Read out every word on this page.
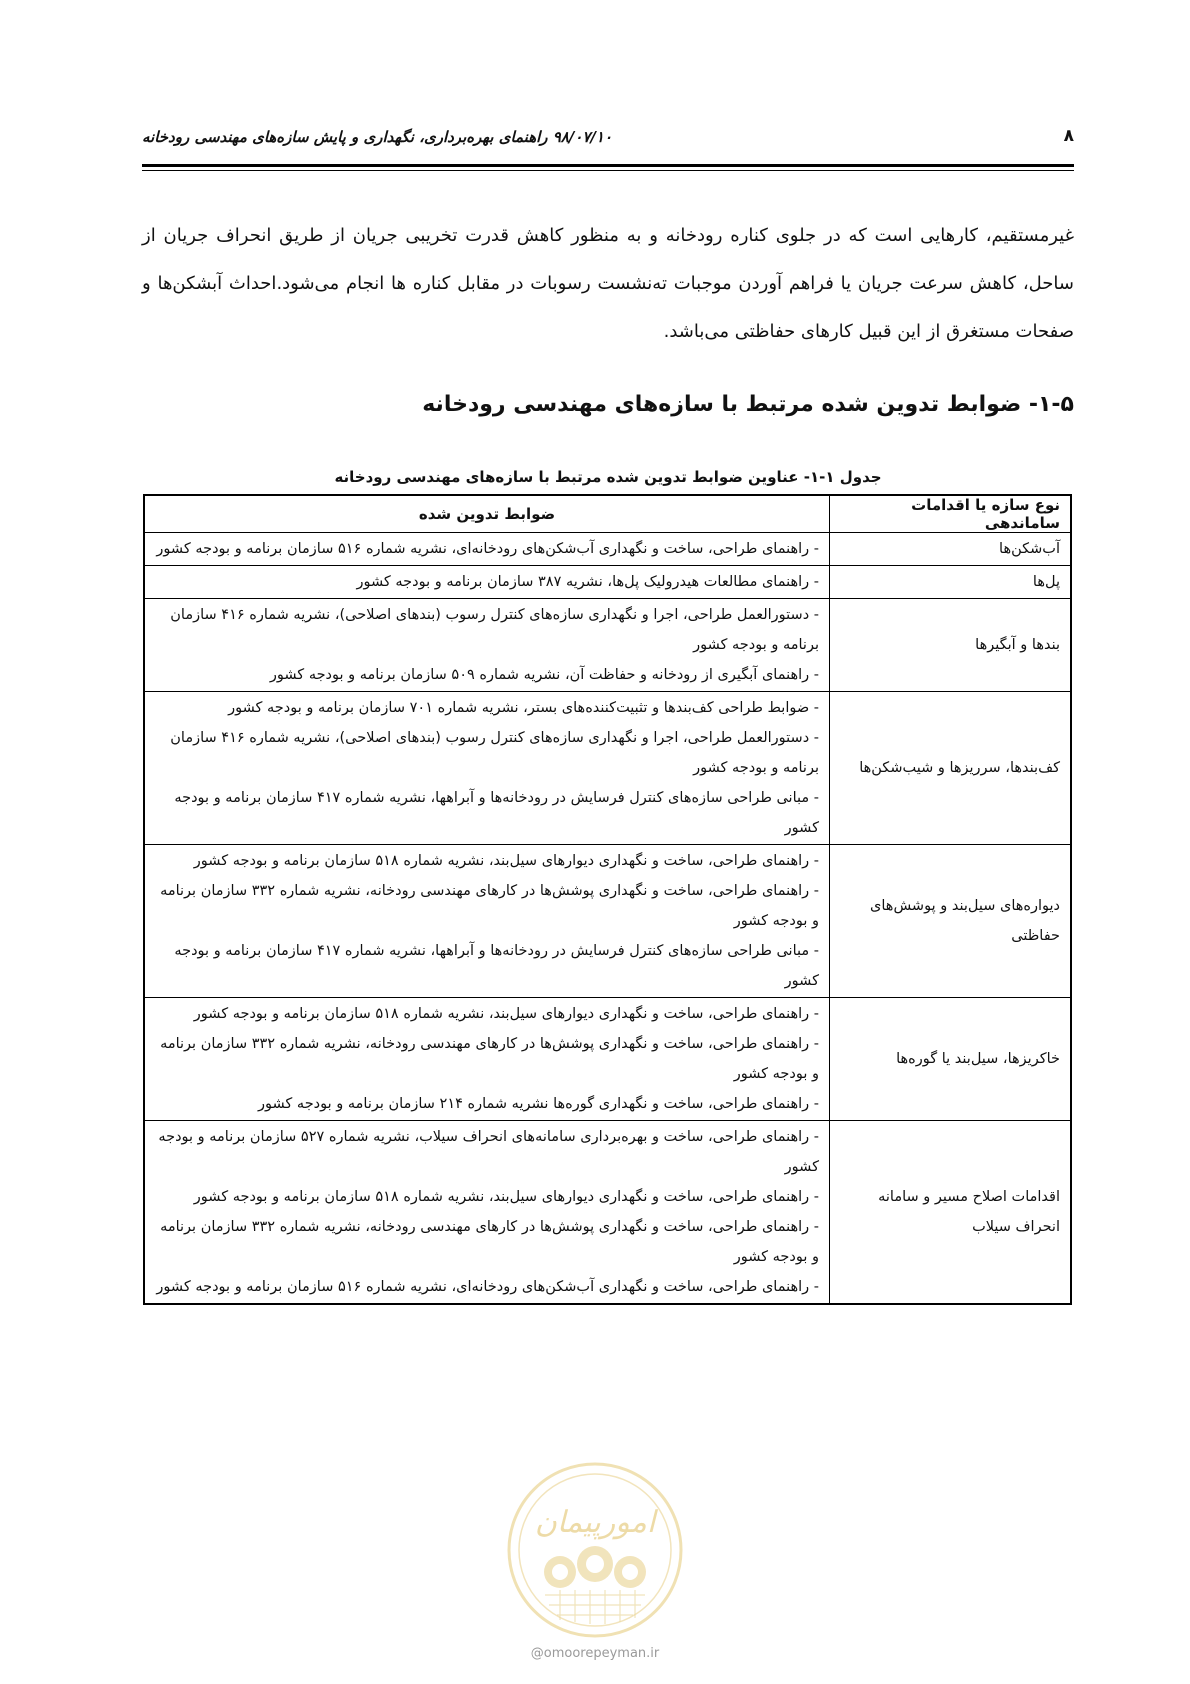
۸
۹۸/۰۷/۱۰ راهنمای بهره‌برداری، نگهداری و پایش سازه‌های مهندسی رودخانه
غیرمستقیم، کارهایی است که در جلوی کناره رودخانه و به منظور کاهش قدرت تخریبی جریان از طریق انحراف جریان از ساحل، کاهش سرعت جریان یا فراهم آوردن موجبات ته‌نشست رسوبات در مقابل کناره ها انجام می‌شود.احداث آبشکن‌ها و صفحات مستغرق از این قبیل کارهای حفاظتی می‌باشد.
۱-۵- ضوابط تدوین شده مرتبط با سازه‌های مهندسی رودخانه
جدول ۱-۱- عناوین ضوابط تدوین شده مرتبط با سازه‌های مهندسی رودخانه
نوع سازه یا اقدامات ساماندهی	ضوابط تدوین شده
آب‌شکن‌ها	- راهنمای طراحی، ساخت و نگهداری آب‌شکن‌های رودخانه‌ای، نشریه شماره ۵۱۶ سازمان برنامه و بودجه کشور

پل‌ها	- راهنمای مطالعات هیدرولیک پل‌ها، نشریه ۳۸۷ سازمان برنامه و بودجه کشور

بندها و آبگیرها	- دستورالعمل طراحی، اجرا و نگهداری سازه‌های کنترل رسوب (بندهای اصلاحی)، نشریه شماره ۴۱۶ سازمان برنامه و بودجه کشور
- راهنمای آبگیری از رودخانه و حفاظت آن، نشریه شماره ۵۰۹ سازمان برنامه و بودجه کشور

کف‌بندها، سرریزها و شیب‌شکن‌ها	- ضوابط طراحی کف‌بندها و تثبیت‌کننده‌های بستر، نشریه شماره ۷۰۱ سازمان برنامه و بودجه کشور
- دستورالعمل طراحی، اجرا و نگهداری سازه‌های کنترل رسوب (بندهای اصلاحی)، نشریه شماره ۴۱۶ سازمان برنامه و بودجه کشور
- مبانی طراحی سازه‌های کنترل فرسایش در رودخانه‌ها و آبراهها، نشریه شماره ۴۱۷ سازمان برنامه و بودجه کشور

دیواره‌های سیل‌بند و پوشش‌های حفاظتی	- راهنمای طراحی، ساخت و نگهداری دیوارهای سیل‌بند، نشریه شماره ۵۱۸ سازمان برنامه و بودجه کشور
- راهنمای طراحی، ساخت و نگهداری پوشش‌ها در کارهای مهندسی رودخانه، نشریه شماره ۳۳۲ سازمان برنامه و بودجه کشور
- مبانی طراحی سازه‌های کنترل فرسایش در رودخانه‌ها و آبراهها، نشریه شماره ۴۱۷ سازمان برنامه و بودجه کشور

خاکریزها، سیل‌بند یا گوره‌ها	- راهنمای طراحی، ساخت و نگهداری دیوارهای سیل‌بند، نشریه شماره ۵۱۸ سازمان برنامه و بودجه کشور
- راهنمای طراحی، ساخت و نگهداری پوشش‌ها در کارهای مهندسی رودخانه، نشریه شماره ۳۳۲ سازمان برنامه و بودجه کشور
- راهنمای طراحی، ساخت و نگهداری گوره‌ها نشریه شماره ۲۱۴ سازمان برنامه و بودجه کشور

اقدامات اصلاح مسیر و سامانه انحراف سیلاب	- راهنمای طراحی، ساخت و بهره‌برداری سامانه‌های انحراف سیلاب، نشریه شماره ۵۲۷ سازمان برنامه و بودجه کشور
- راهنمای طراحی، ساخت و نگهداری دیوارهای سیل‌بند، نشریه شماره ۵۱۸ سازمان برنامه و بودجه کشور
- راهنمای طراحی، ساخت و نگهداری پوشش‌ها در کارهای مهندسی رودخانه، نشریه شماره ۳۳۲ سازمان برنامه و بودجه کشور
- راهنمای طراحی، ساخت و نگهداری آب‌شکن‌های رودخانه‌ای، نشریه شماره ۵۱۶ سازمان برنامه و بودجه کشور
امورپیمان
@omoorepeyman.ir
